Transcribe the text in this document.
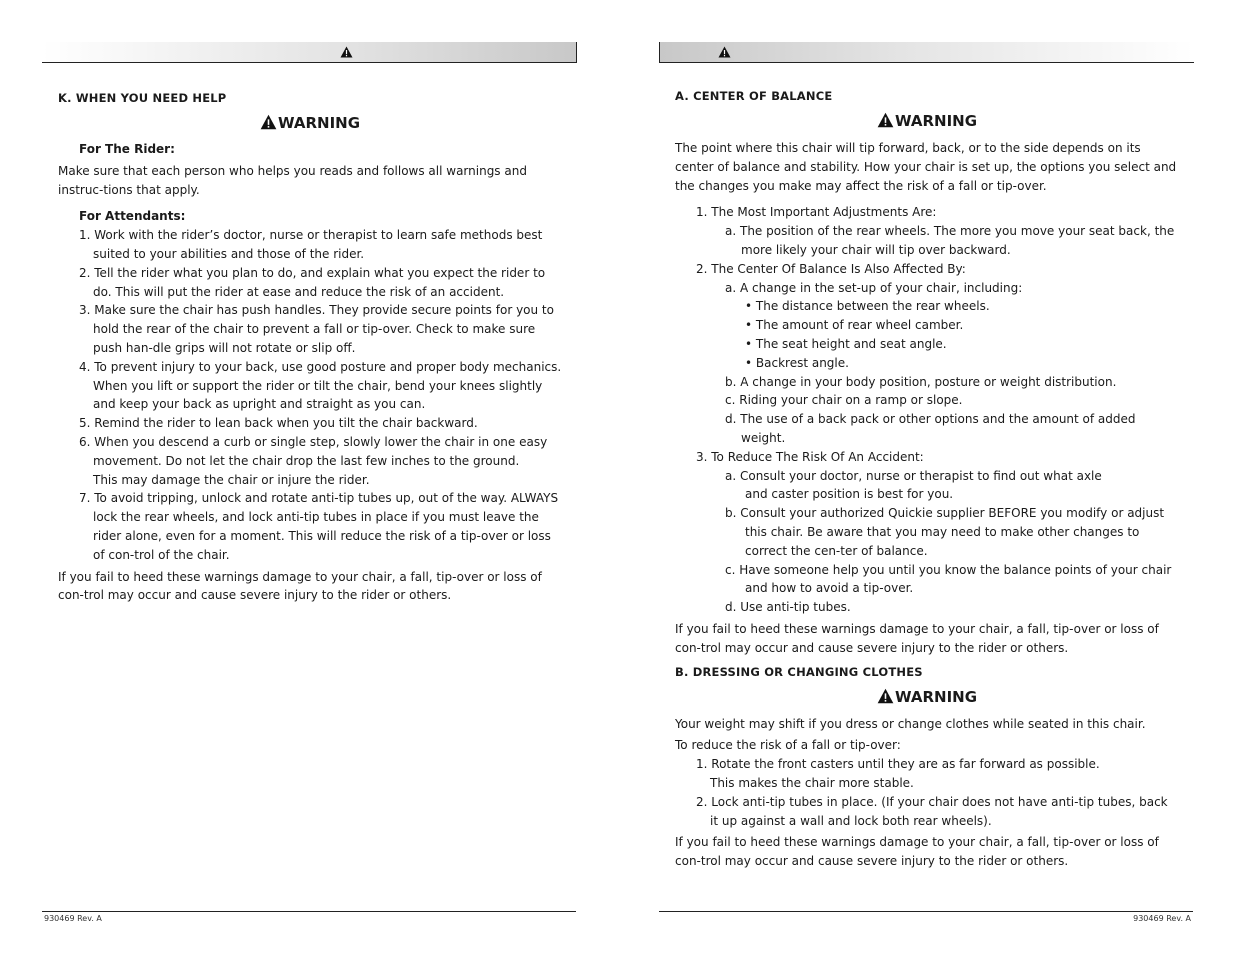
K. WHEN YOU NEED HELP

WARNING

For The Rider:

Make sure that each person who helps you reads and follows all warnings and instruc-tions that apply.

For Attendants:

1. Work with the rider’s doctor, nurse or therapist to learn safe methods best suited to your abilities and those of the rider.

2. Tell the rider what you plan to do, and explain what you expect the rider to do. This will put the rider at ease and reduce the risk of an accident.

3. Make sure the chair has push handles. They provide secure points for you to hold the rear of the chair to prevent a fall or tip-over. Check to make sure push han-dle grips will not rotate or slip off.

4. To prevent injury to your back, use good posture and proper body mechanics. When you lift or support the rider or tilt the chair, bend your knees slightly and keep your back as upright and straight as you can.

5. Remind the rider to lean back when you tilt the chair backward.

6. When you descend a curb or single step, slowly lower the chair in one easy movement. Do not let the chair drop the last few inches to the ground.

This may damage the chair or injure the rider.

7. To avoid tripping, unlock and rotate anti-tip tubes up, out of the way. ALWAYS lock the rear wheels, and lock anti-tip tubes in place if you must leave the rider alone, even for a moment. This will reduce the risk of a tip-over or loss of con-trol of the chair.

If you fail to heed these warnings damage to your chair, a fall, tip-over or loss of con-trol may occur and cause severe injury to the rider or others.

930469 Rev. A

A. CENTER OF BALANCE

WARNING

The point where this chair will tip forward, back, or to the side depends on its center of balance and stability. How your chair is set up, the options you select and the changes you make may affect the risk of a fall or tip-over.

1. The Most Important Adjustments Are:

a. The position of the rear wheels. The more you move your seat back, the more likely your chair will tip over backward.

2. The Center Of Balance Is Also Affected By:

a. A change in the set-up of your chair, including:

• The distance between the rear wheels.

• The amount of rear wheel camber.

• The seat height and seat angle.

• Backrest angle.

b. A change in your body position, posture or weight distribution.

c. Riding your chair on a ramp or slope.

d. The use of a back pack or other options and the amount of added weight.

3. To Reduce The Risk Of An Accident:

a. Consult your doctor, nurse or therapist to find out what axle

and caster position is best for you.

b. Consult your authorized Quickie supplier BEFORE you modify or adjust this chair. Be aware that you may need to make other changes to correct the cen-ter of balance.

c. Have someone help you until you know the balance points of your chair and how to avoid a tip-over.

d. Use anti-tip tubes.

If you fail to heed these warnings damage to your chair, a fall, tip-over or loss of con-trol may occur and cause severe injury to the rider or others.

B. DRESSING OR CHANGING CLOTHES

WARNING

Your weight may shift if you dress or change clothes while seated in this chair.

To reduce the risk of a fall or tip-over:

1. Rotate the front casters until they are as far forward as possible.

This makes the chair more stable.

2. Lock anti-tip tubes in place. (If your chair does not have anti-tip tubes, back it up against a wall and lock both rear wheels).

If you fail to heed these warnings damage to your chair, a fall, tip-over or loss of con-trol may occur and cause severe injury to the rider or others.

930469 Rev. A
